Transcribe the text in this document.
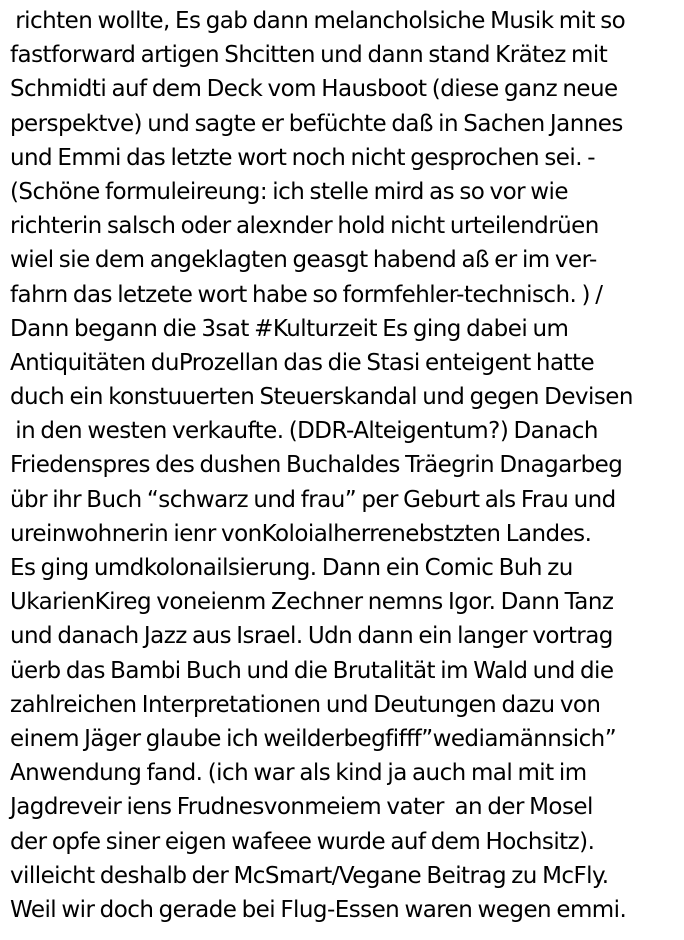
richten wollte, Es gab dann melancholsiche Musik mit so
fastforward artigen Shcitten und dann stand Krätez mit
Schmidti auf dem Deck vom Hausboot (diese ganz neue
perspektve) und sagte er befüchte daß in Sachen Jannes
und Emmi das letzte wort noch nicht gesprochen sei. -
(Schöne formuleireung: ich stelle mird as so vor wie
richterin salsch oder alexnder hold nicht urteilendrüen
wiel sie dem angeklagten geasgt habend aß er im ver-
fahrn das letzete wort habe so formfehler-technisch. ) /
Dann begann die 3sat #Kulturzeit Es ging dabei um
Antiquitäten duProzellan das die Stasi enteigent hatte
duch ein konstuuerten Steuerskandal und gegen Devisen
in den westen verkaufte. (DDR-Alteigentum?) Danach
Friedenspres des dushen Buchaldes Träegrin Dnagarbeg
übr ihr Buch “schwarz und frau” per Geburt als Frau und
ureinwohnerin ienr vonKoloialherrenebstzten Landes.
Es ging umdkolonailsierung. Dann ein Comic Buh zu
UkarienKireg voneienm Zechner nemns Igor. Dann Tanz
und danach Jazz aus Israel. Udn dann ein langer vortrag
üerb das Bambi Buch und die Brutalität im Wald und die
zahlreichen Interpretationen und Deutungen dazu von
einem Jäger glaube ich weilderbegfifff”wediamännsich”
Anwendung fand. (ich war als kind ja auch mal mit im
Jagdreveir iens Frudnesvonmeiem vater  an der Mosel
der opfe siner eigen wafeee wurde auf dem Hochsitz).
villeicht deshalb der McSmart/Vegane Beitrag zu McFly.
Weil wir doch gerade bei Flug-Essen waren wegen emmi.
